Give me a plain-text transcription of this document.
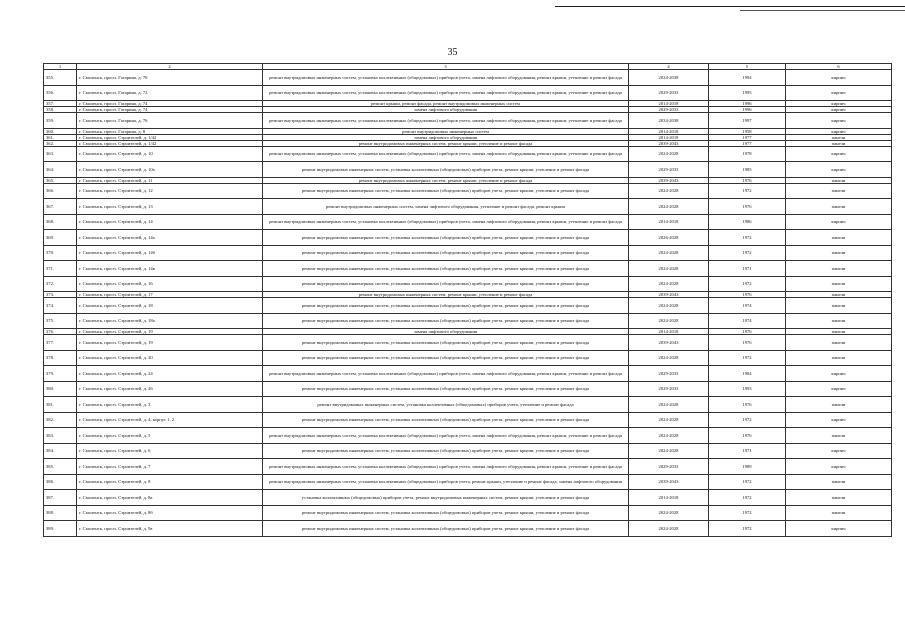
35
1	2	3	4	5	6
355.	г. Смоленск, просп. Гагарина, д. 70	ремонт внутридомовых инженерных систем, установка коллективных (общедомовых) приборов учета, замена лифтового оборудования, ремонт крыши, утепление и ремонт фасада	2034-2038	1994	кирпич
356.	г. Смоленск, просп. Гагарина, д. 72	ремонт внутридомовых инженерных систем, установка коллективных (общедомовых) приборов учета, замена лифтового оборудования, ремонт крыши, утепление и ремонт фасада	2029-2033	1995	кирпич
357.	г. Смоленск, просп. Гагарина, д. 74	ремонт крыши, ремонт фасада, ремонт внутридомовых инженерных систем	2014-2018	1996	кирпич
358.	г. Смоленск, просп. Гагарина, д. 74	замена лифтового оборудования	2029-2033	1996	кирпич
359.	г. Смоленск, просп. Гагарина, д. 76	ремонт внутридомовых инженерных систем, установка коллективных (общедомовых) приборов учета, замена лифтового оборудования, ремонт крыши, утепление и ремонт фасада	2034-2038	1997	кирпич
360.	г. Смоленск, просп. Гагарина, д. 8	ремонт внутридомовых инженерных систем	2014-2018	1958	кирпич
361.	г. Смоленск, просп. Строителей, д. 1/42	замена лифтового оборудования	2014-2018	1977	панели
362.	г. Смоленск, просп. Строителей, д. 1/42	ремонт внутридомовых инженерных систем, ремонт крыши, утепление и ремонт фасада	2039-2043	1977	панели
363.	г. Смоленск, просп. Строителей, д. 10	ремонт внутридомовых инженерных систем, установка коллективных (общедомовых) приборов учета, замена лифтового оборудования, ремонт крыши, утепление и ремонт фасада	2024-2028	1978	кирпич
364.	г. Смоленск, просп. Строителей, д. 10а	ремонт внутридомовых инженерных систем, установка коллективных (общедомовых) приборов учета, ремонт крыши, утепление и ремонт фасада	2029-2033	1985	кирпич
365.	г. Смоленск, просп. Строителей, д. 11	ремонт внутридомовых инженерных систем, ремонт крыши, утепление и ремонт фасада	2039-2043	1976	панели
366.	г. Смоленск, просп. Строителей, д. 12	ремонт внутридомовых инженерных систем, установка коллективных (общедомовых) приборов учета, ремонт крыши, утепление и ремонт фасада	2024-2028	1972	панели
367.	г. Смоленск, просп. Строителей, д. 13	ремонт внутридомовых инженерных систем, замена лифтового оборудования, утепление и ремонт фасада, ремонт крыши	2024-2028	1976	панели
368.	г. Смоленск, просп. Строителей, д. 14	ремонт внутридомовых инженерных систем, установка коллективных (общедомовых) приборов учета, замена лифтового оборудования, ремонт крыши, утепление и ремонт фасада	2014-2018	1986	кирпич
369.	г. Смоленск, просп. Строителей, д. 14а	ремонт внутридомовых инженерных систем, установка коллективных (общедомовых) приборов учета, ремонт крыши, утепление и ремонт фасада	2026-2028	1972	панели
370.	г. Смоленск, просп. Строителей, д. 14б	ремонт внутридомовых инженерных систем, установка коллективных (общедомовых) приборов учета, ремонт крыши, утепление и ремонт фасада	2024-2028	1972	панели
371.	г. Смоленск, просп. Строителей, д. 14в	ремонт внутридомовых инженерных систем, установка коллективных (общедомовых) приборов учета, ремонт крыши, утепление и ремонт фасада	2024-2028	1971	панели
372.	г. Смоленск, просп. Строителей, д. 16	ремонт внутридомовых инженерных систем, установка коллективных (общедомовых) приборов учета, ремонт крыши, утепление и ремонт фасада	2024-2028	1972	панели
373.	г. Смоленск, просп. Строителей, д. 17	ремонт внутридомовых инженерных систем, ремонт крыши, утепление и ремонт фасада	2039-2043	1976	панели
374.	г. Смоленск, просп. Строителей, д. 18	ремонт внутридомовых инженерных систем, установка коллективных (общедомовых) приборов учета, ремонт крыши, утепление и ремонт фасада	2024-2028	1974	панели
375.	г. Смоленск, просп. Строителей, д. 18а	ремонт внутридомовых инженерных систем, установка коллективных (общедомовых) приборов учета, ремонт крыши, утепление и ремонт фасада	2024-2028	1974	панели
376.	г. Смоленск, просп. Строителей, д. 19	замена лифтового оборудования	2014-2018	1976	панели
377.	г. Смоленск, просп. Строителей, д. 19	ремонт внутридомовых инженерных систем, установка коллективных (общедомовых) приборов учета, ремонт крыши, утепление и ремонт фасада	2039-2043	1976	панели
378.	г. Смоленск, просп. Строителей, д. 20	ремонт внутридомовых инженерных систем, установка коллективных (общедомовых) приборов учета, ремонт крыши, утепление и ремонт фасада	2024-2028	1972	панели
379.	г. Смоленск, просп. Строителей, д. 24	ремонт внутридомовых инженерных систем, установка коллективных (общедомовых) приборов учета, замена лифтового оборудования, ремонт крыши, утепление и ремонт фасада	2029-2033	1984	кирпич
380.	г. Смоленск, просп. Строителей, д. 26	ремонт внутридомовых инженерных систем, установка коллективных (общедомовых) приборов учета, ремонт крыши, утепление и ремонт фасада	2029-2033	1993	кирпич
381.	г. Смоленск, просп. Строителей, д. 3	ремонт внутридомовых инженерных систем, установка коллективных (общедомовых) приборов учета, утепление и ремонт фасада	2024-2028	1976	панели
382.	г. Смоленск, просп. Строителей, д. 4, корпус 1, 2	ремонт внутридомовых инженерных систем, установка коллективных (общедомовых) приборов учета, ремонт крыши, утепление и ремонт фасада	2024-2028	1972	кирпич
383.	г. Смоленск, просп. Строителей, д. 5	ремонт внутридомовых инженерных систем, установка коллективных (общедомовых) приборов учета, замена лифтового оборудования, ремонт крыши, утепление и ремонт фасада	2024-2028	1976	панели
384.	г. Смоленск, просп. Строителей, д. 6	ремонт внутридомовых инженерных систем, установка коллективных (общедомовых) приборов учета, ремонт крыши, утепление и ремонт фасада	2024-2028	1971	кирпич
385.	г. Смоленск, просп. Строителей, д. 7	ремонт внутридомовых инженерных систем, установка коллективных (общедомовых) приборов учета, замена лифтового оборудования, ремонт крыши, утепление и ремонт фасада	2029-2033	1989	кирпич
386.	г. Смоленск, просп. Строителей, д. 8	ремонт внутридомовых инженерных систем, установка коллективных (общедомовых) приборов учета, ремонт крыши, утепление и ремонт фасада, замена лифтового оборудования	2039-2043	1972	панели
387.	г. Смоленск, просп. Строителей, д. 8а	установка коллективных (общедомовых) приборов учета, ремонт внутридомовых инженерных систем, ремонт крыши, утепление и ремонт фасада	2014-2018	1972	панели
388.	г. Смоленск, просп. Строителей, д. 8б	ремонт внутридомовых инженерных систем, установка коллективных (общедомовых) приборов учета, ремонт крыши, утепление и ремонт фасада	2024-2028	1972	панели
389.	г. Смоленск, просп. Строителей, д. 9а	ремонт внутридомовых инженерных систем, установка коллективных (общедомовых) приборов учета, ремонт крыши, утепление и ремонт фасада	2024-2028	1972	кирпич
